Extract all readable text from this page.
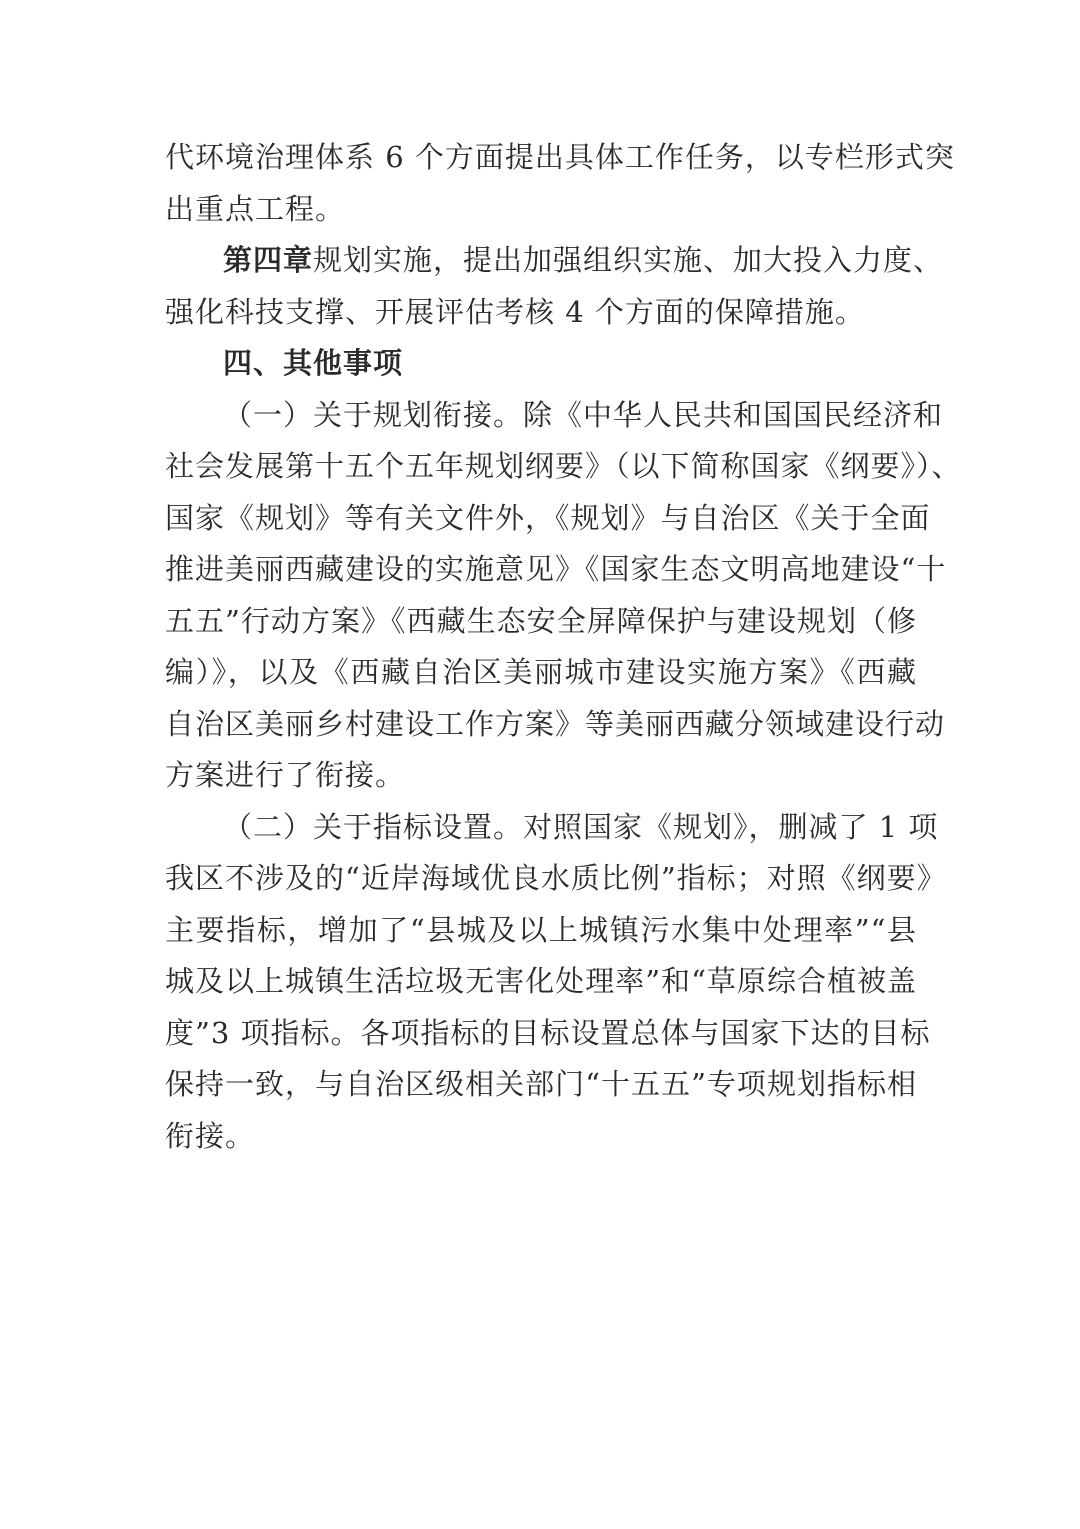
代环境治理体系 6 个方面提出具体工作任务，以专栏形式突
出重点工程。
第四章规划实施，提出加强组织实施、加大投入力度、
强化科技支撑、开展评估考核 4 个方面的保障措施。
四、其他事项
（一）关于规划衔接。除《中华人民共和国国民经济和
社会发展第十五个五年规划纲要》（以下简称国家《纲要》）、
国家《规划》等有关文件外，《规划》与自治区《关于全面
推进美丽西藏建设的实施意见》《国家生态文明高地建设“十
五五”行动方案》《西藏生态安全屏障保护与建设规划（修
编）》，以及《西藏自治区美丽城市建设实施方案》《西藏
自治区美丽乡村建设工作方案》等美丽西藏分领域建设行动
方案进行了衔接。
（二）关于指标设置。对照国家《规划》，删减了 1 项
我区不涉及的“近岸海域优良水质比例”指标；对照《纲要》
主要指标，增加了“县城及以上城镇污水集中处理率”“县
城及以上城镇生活垃圾无害化处理率”和“草原综合植被盖
度”3 项指标。各项指标的目标设置总体与国家下达的目标
保持一致，与自治区级相关部门“十五五”专项规划指标相
衔接。
